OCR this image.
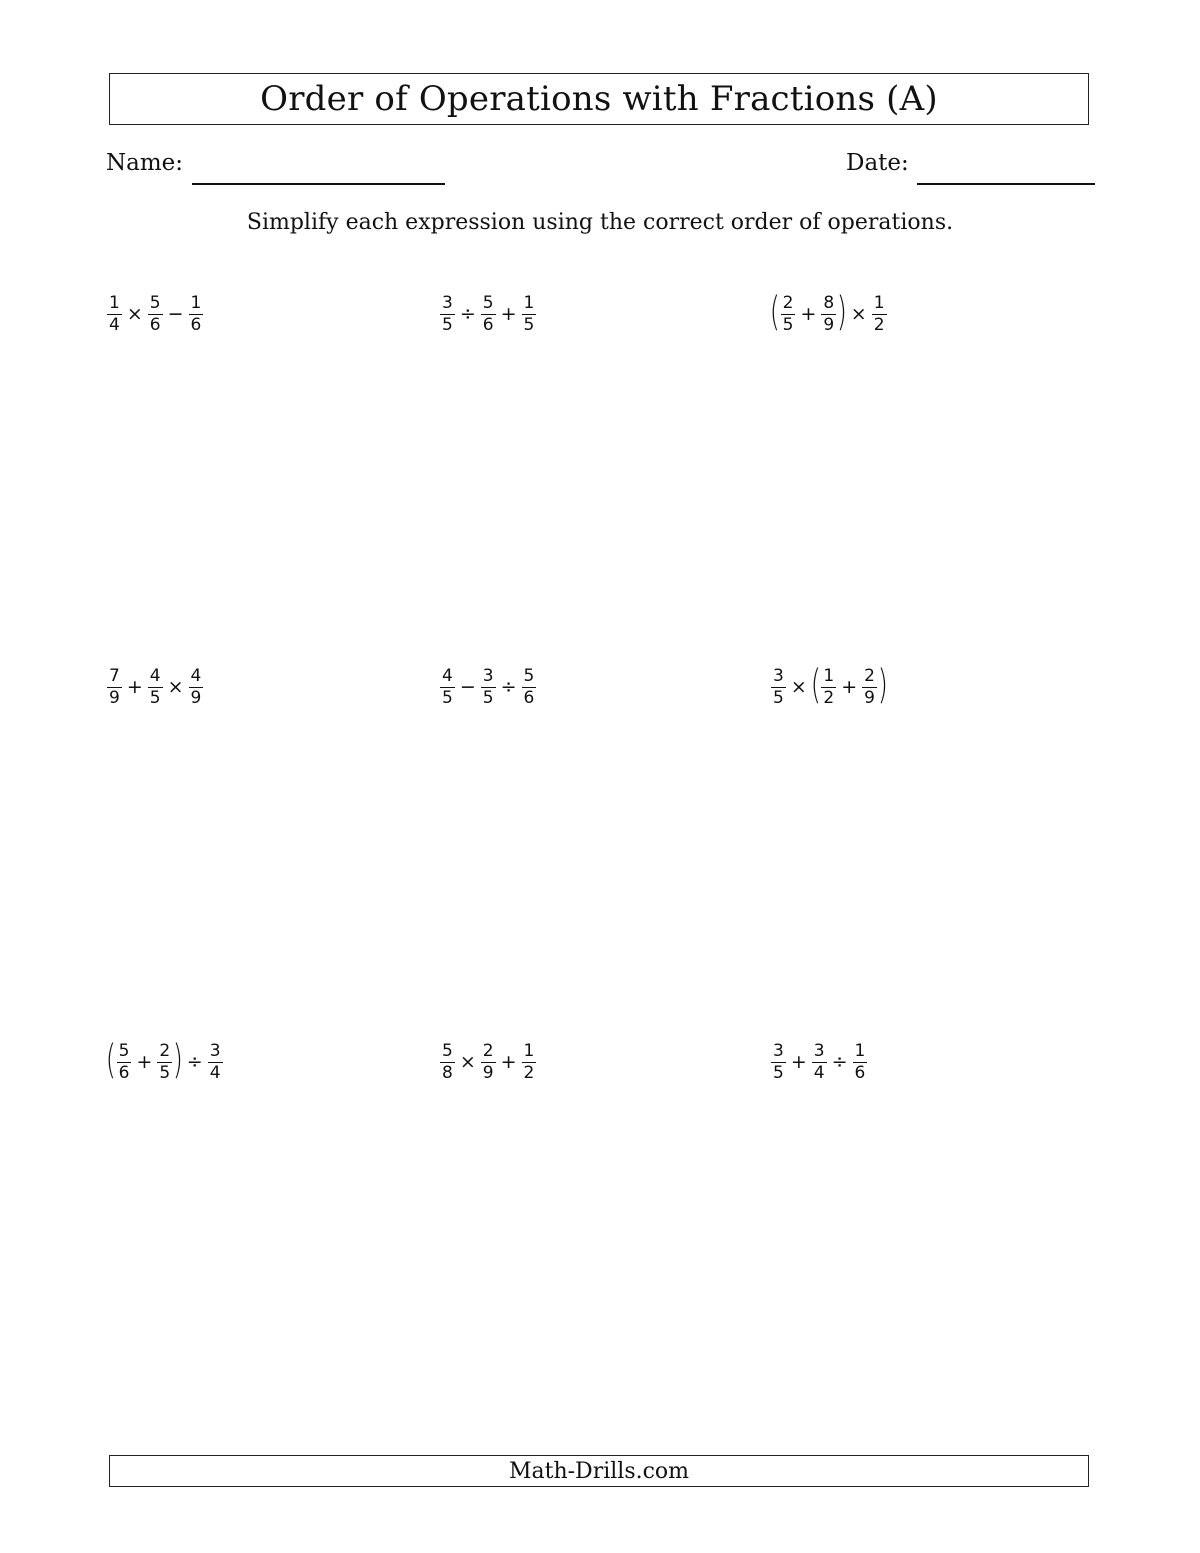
Order of Operations with Fractions (A)
Name:	Date:
Simplify each expression using the correct order of operations.
$\frac{1}{4} \times \frac{5}{6} - \frac{1}{6}$	$\frac{3}{5} \div \frac{5}{6} + \frac{1}{5}$	( $\frac{2}{5} + \frac{8}{9}$ ) × $\frac{1}{2}$
$\frac{7}{9} + \frac{4}{5} \times \frac{4}{9}$	$\frac{4}{5} - \frac{3}{5} \div \frac{5}{6}$	$\frac{3}{5}$ × ( $\frac{1}{2} + \frac{2}{9}$ )
( $\frac{5}{6} + \frac{2}{5}$ ) ÷ $\frac{3}{4}$	$\frac{5}{8} \times \frac{2}{9} + \frac{1}{2}$	$\frac{3}{5} + \frac{3}{4} \div \frac{1}{6}$
Math-Drills.com
